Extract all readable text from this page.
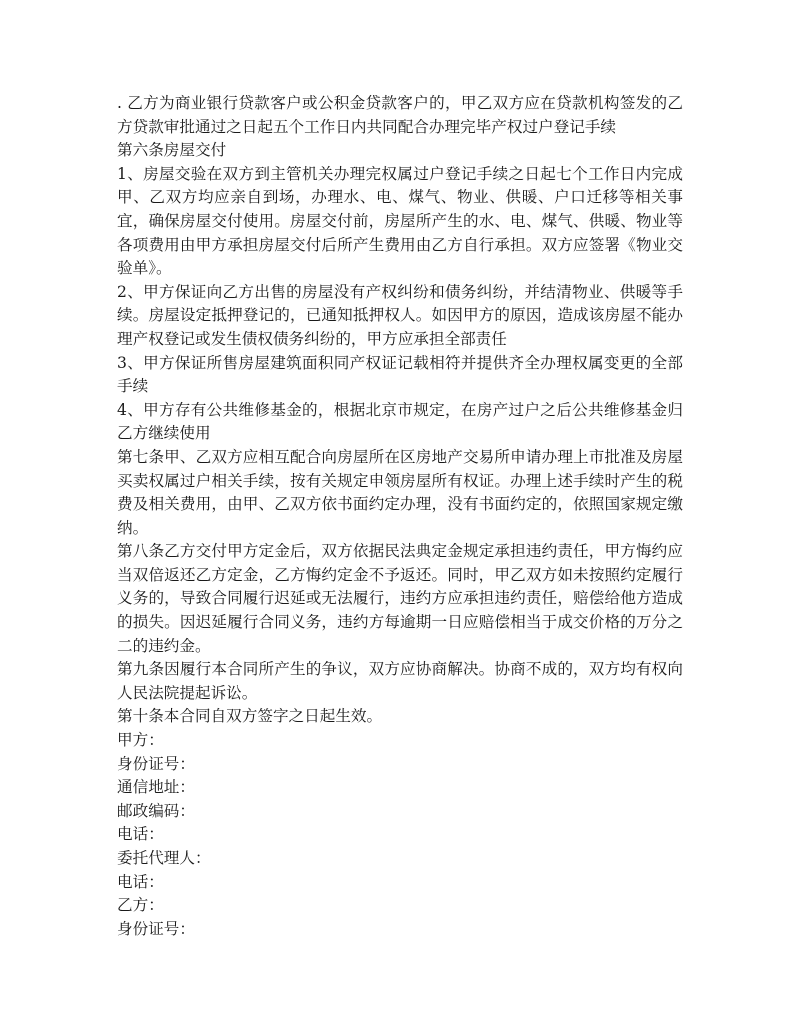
. 乙方为商业银行贷款客户或公积金贷款客户的，甲乙双方应在贷款机构签发的乙方贷款审批通过之日起五个工作日内共同配合办理完毕产权过户登记手续

第六条房屋交付

1、房屋交验在双方到主管机关办理完权属过户登记手续之日起七个工作日内完成甲、乙双方均应亲自到场，办理水、电、煤气、物业、供暖、户口迁移等相关事宜，确保房屋交付使用。房屋交付前，房屋所产生的水、电、煤气、供暖、物业等各项费用由甲方承担房屋交付后所产生费用由乙方自行承担。双方应签署《物业交验单》。

2、甲方保证向乙方出售的房屋没有产权纠纷和债务纠纷，并结清物业、供暖等手续。房屋设定抵押登记的，已通知抵押权人。如因甲方的原因，造成该房屋不能办理产权登记或发生债权债务纠纷的，甲方应承担全部责任

3、甲方保证所售房屋建筑面积同产权证记载相符并提供齐全办理权属变更的全部手续

4、甲方存有公共维修基金的，根据北京市规定，在房产过户之后公共维修基金归乙方继续使用

第七条甲、乙双方应相互配合向房屋所在区房地产交易所申请办理上市批准及房屋买卖权属过户相关手续，按有关规定申领房屋所有权证。办理上述手续时产生的税费及相关费用，由甲、乙双方依书面约定办理，没有书面约定的，依照国家规定缴纳。

第八条乙方交付甲方定金后，双方依据民法典定金规定承担违约责任，甲方悔约应当双倍返还乙方定金，乙方悔约定金不予返还。同时，甲乙双方如未按照约定履行义务的，导致合同履行迟延或无法履行，违约方应承担违约责任，赔偿给他方造成的损失。因迟延履行合同义务，违约方每逾期一日应赔偿相当于成交价格的万分之二的违约金。

第九条因履行本合同所产生的争议，双方应协商解决。协商不成的，双方均有权向人民法院提起诉讼。

第十条本合同自双方签字之日起生效。

甲方：

身份证号：

通信地址：

邮政编码：

电话：

委托代理人：

电话：

乙方：

身份证号：
